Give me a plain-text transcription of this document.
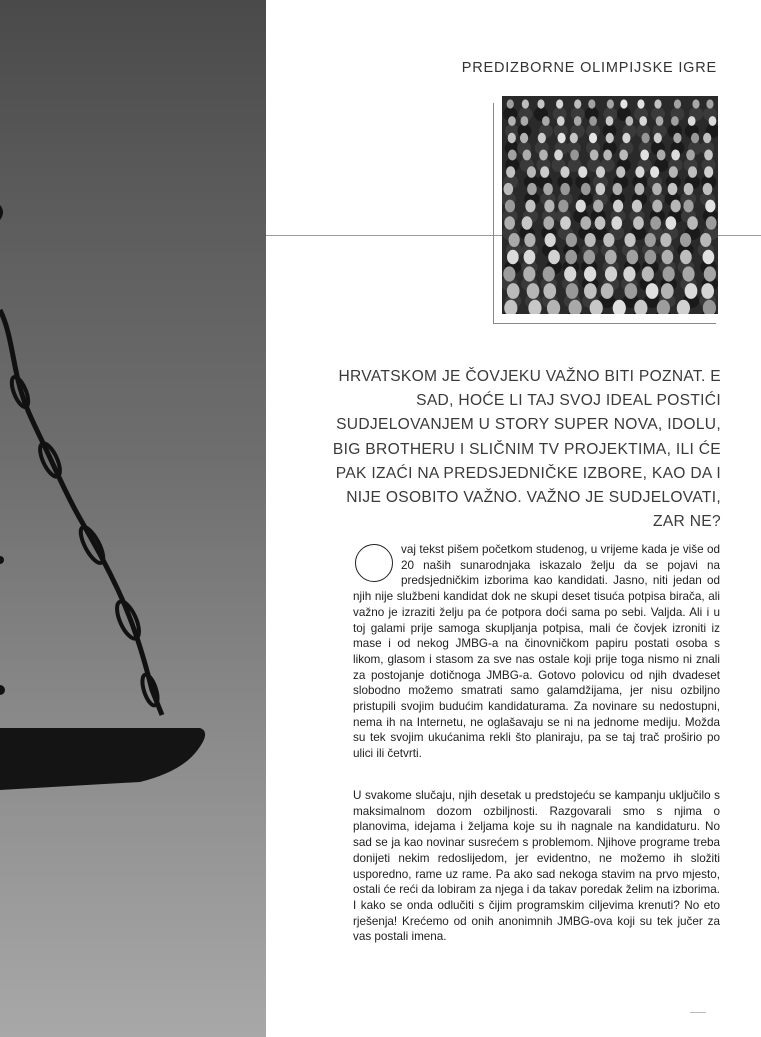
PREDIZBORNE OLIMPIJSKE IGRE
HRVATSKOM JE ČOVJEKU VAŽNO BITI POZNAT. E SAD, HOĆE LI TAJ SVOJ IDEAL POSTIĆI SUDJELOVANJEM U STORY SUPER NOVA, IDOLU, BIG BROTHERU I SLIČNIM TV PROJEKTIMA, ILI ĆE PAK IZAĆI NA PREDSJEDNIČKE IZBORE, KAO DA I NIJE OSOBITO VAŽNO. VAŽNO JE SUDJELOVATI, ZAR NE?

vaj tekst pišem početkom studenog, u vrijeme kada je više od 20 naših sunarodnjaka iskazalo želju da se pojavi na predsjedničkim izborima kao kandidati. Jasno, niti jedan od njih nije službeni kandidat dok ne skupi deset tisuća potpisa birača, ali važno je izraziti želju pa će potpora doći sama po sebi. Valjda. Ali i u toj galami prije samoga skupljanja potpisa, mali će čovjek izroniti iz mase i od nekog JMBG-a na činovničkom papiru postati osoba s likom, glasom i stasom za sve nas ostale koji prije toga nismo ni znali za postojanje dotičnoga JMBG-a. Gotovo polovicu od njih dvadeset slobodno možemo smatrati samo galamdžijama, jer nisu ozbiljno pristupili svojim budućim kandidaturama. Za novinare su nedostupni, nema ih na Internetu, ne oglašavaju se ni na jednome mediju. Možda su tek svojim ukućanima rekli što planiraju, pa se taj trač proširio po ulici ili četvrti.

U svakome slučaju, njih desetak u predstojeću se kampanju uključilo s maksimalnom dozom ozbiljnosti. Razgovarali smo s njima o planovima, idejama i željama koje su ih nagnale na kandidaturu. No sad se ja kao novinar susrećem s problemom. Njihove programe treba donijeti nekim redoslijedom, jer evidentno, ne možemo ih složiti usporedno, rame uz rame. Pa ako sad nekoga stavim na prvo mjesto, ostali će reći da lobiram za njega i da takav poredak želim na izborima. I kako se onda odlučiti s čijim programskim ciljevima krenuti? No eto rješenja! Krećemo od onih anonimnih JMBG-ova koji su tek jučer za vas postali imena.
